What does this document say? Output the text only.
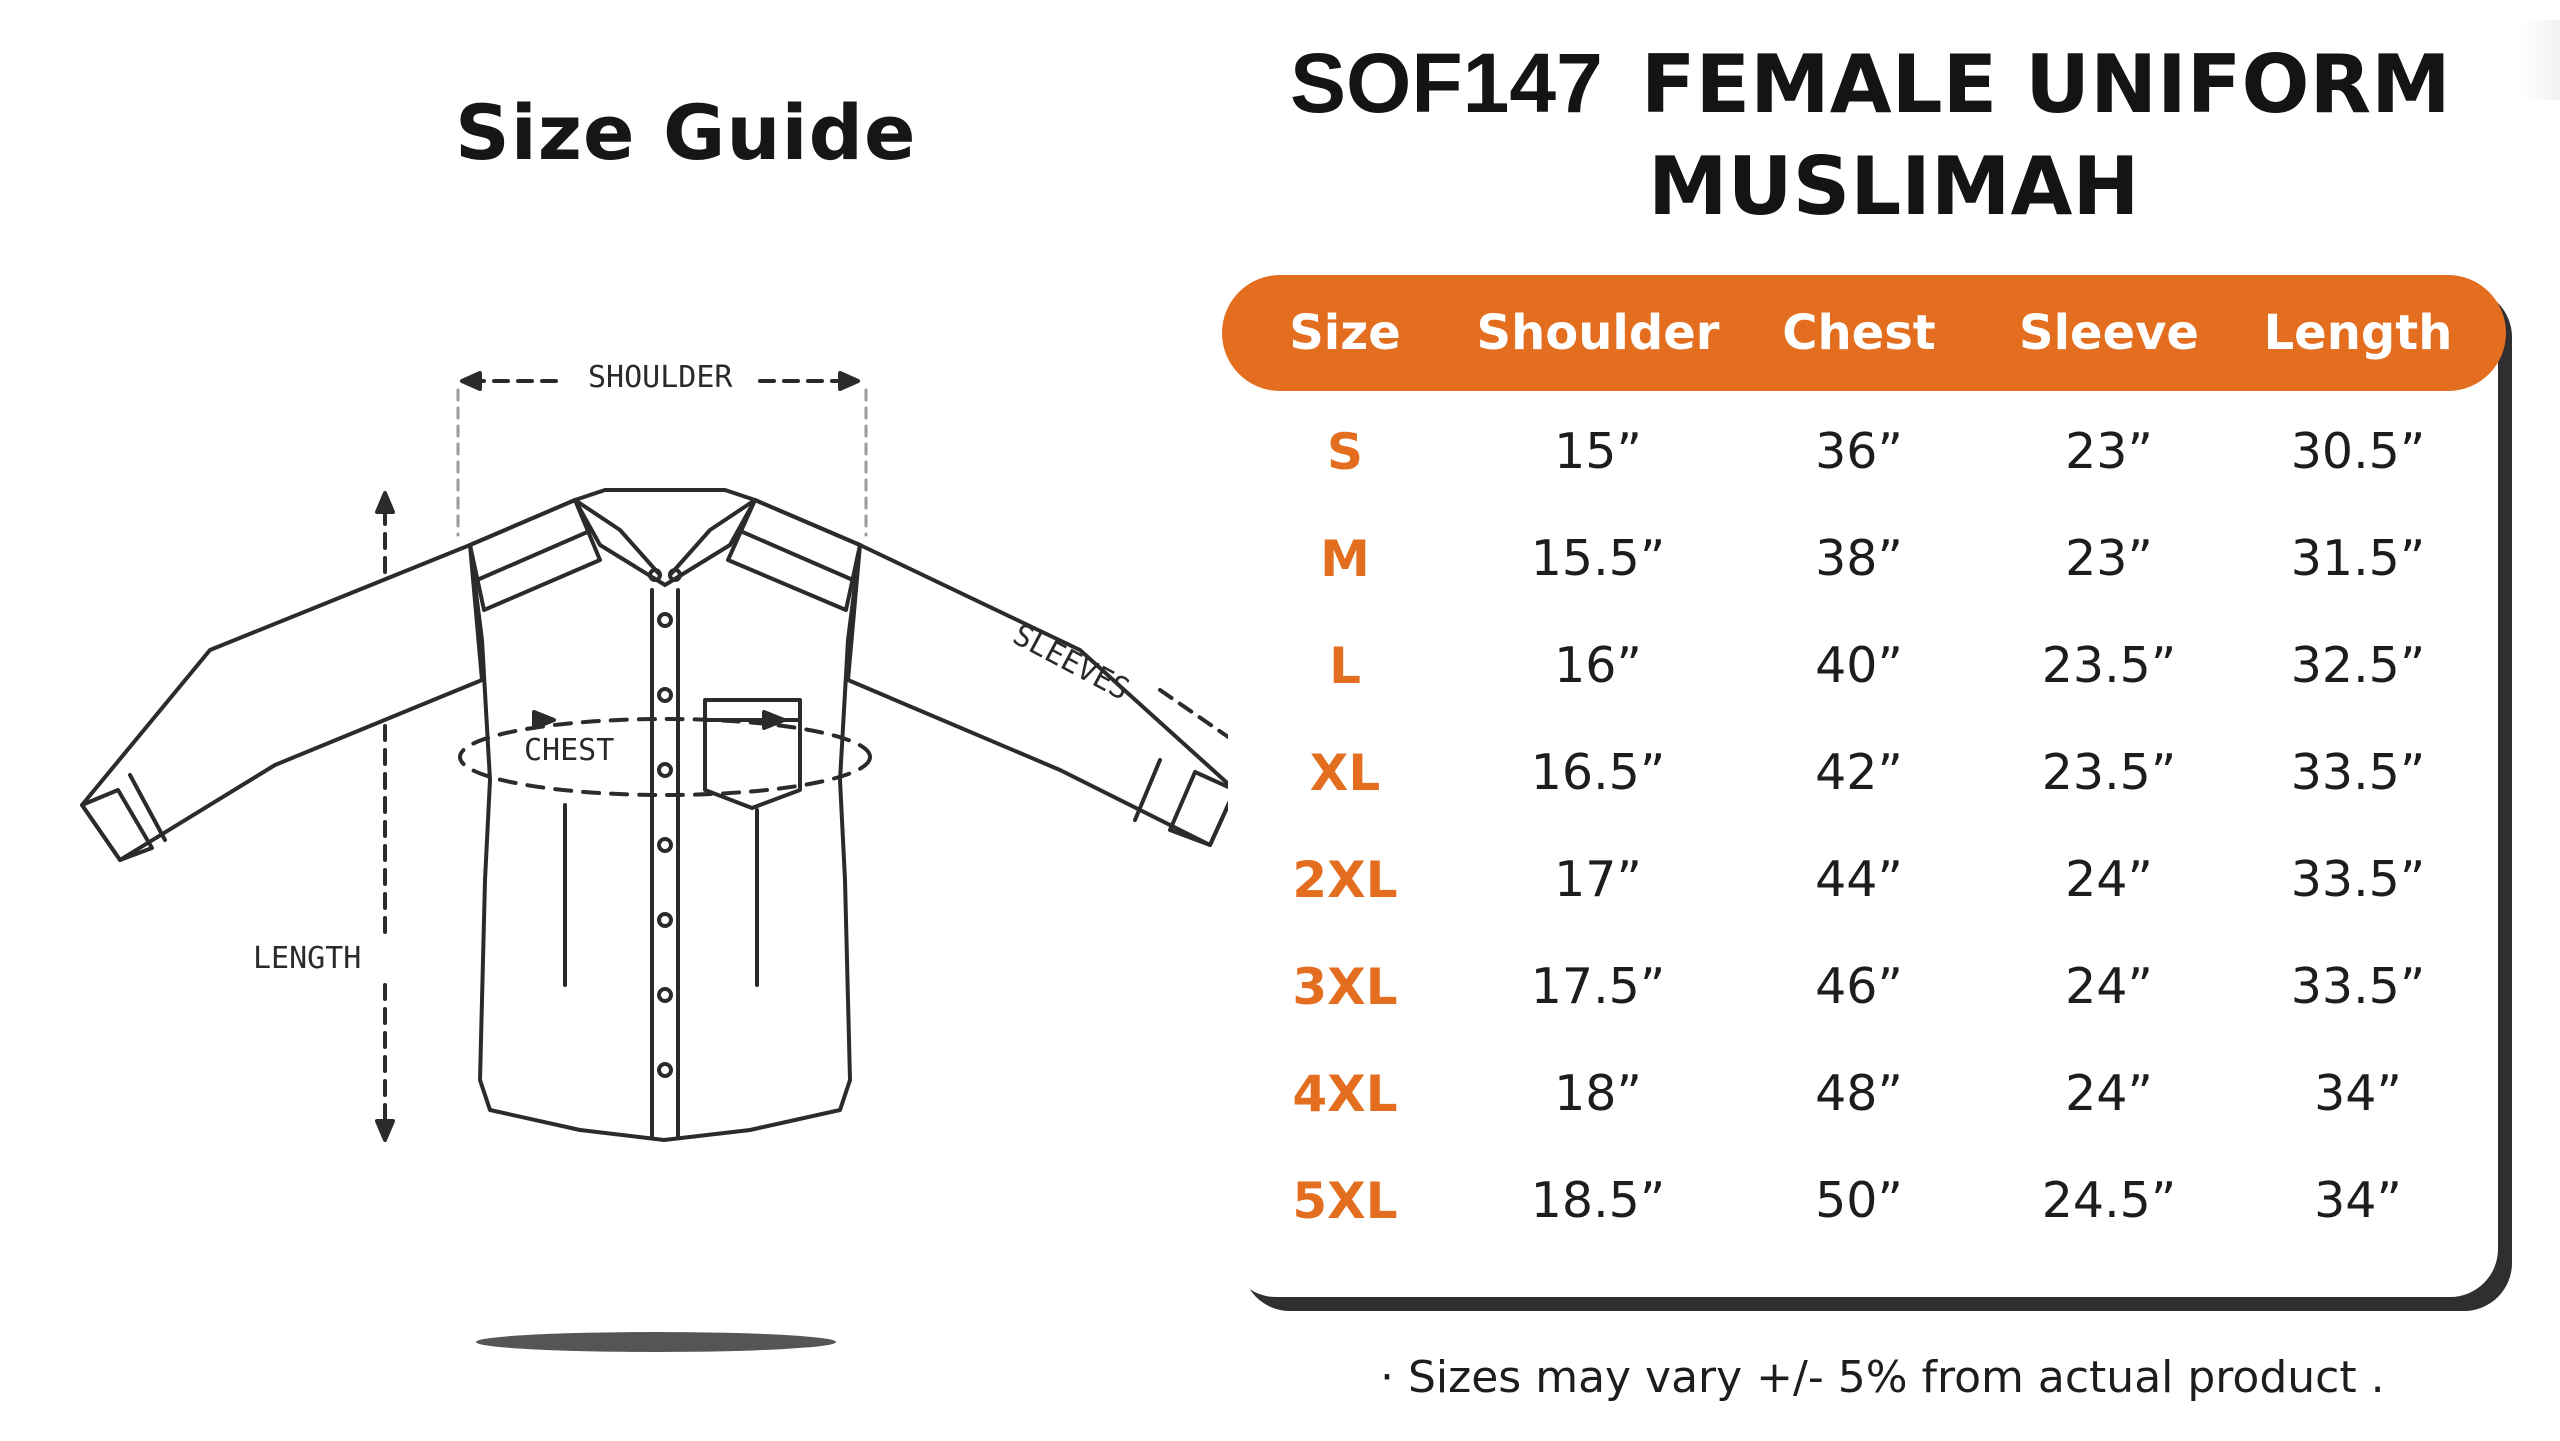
Size Guide
SOF147 FEMALE UNIFORM
MUSLIMAH
SHOULDER
CHEST
LENGTH
SLEEVES
Size	Shoulder	Chest	Sleeve	Length
S	15”	36”	23”	30.5”
M	15.5”	38”	23”	31.5”
L	16”	40”	23.5”	32.5”
XL	16.5”	42”	23.5”	33.5”
2XL	17”	44”	24”	33.5”
3XL	17.5”	46”	24”	33.5”
4XL	18”	48”	24”	34”
5XL	18.5”	50”	24.5”	34”
· Sizes may vary +/- 5% from actual product .
